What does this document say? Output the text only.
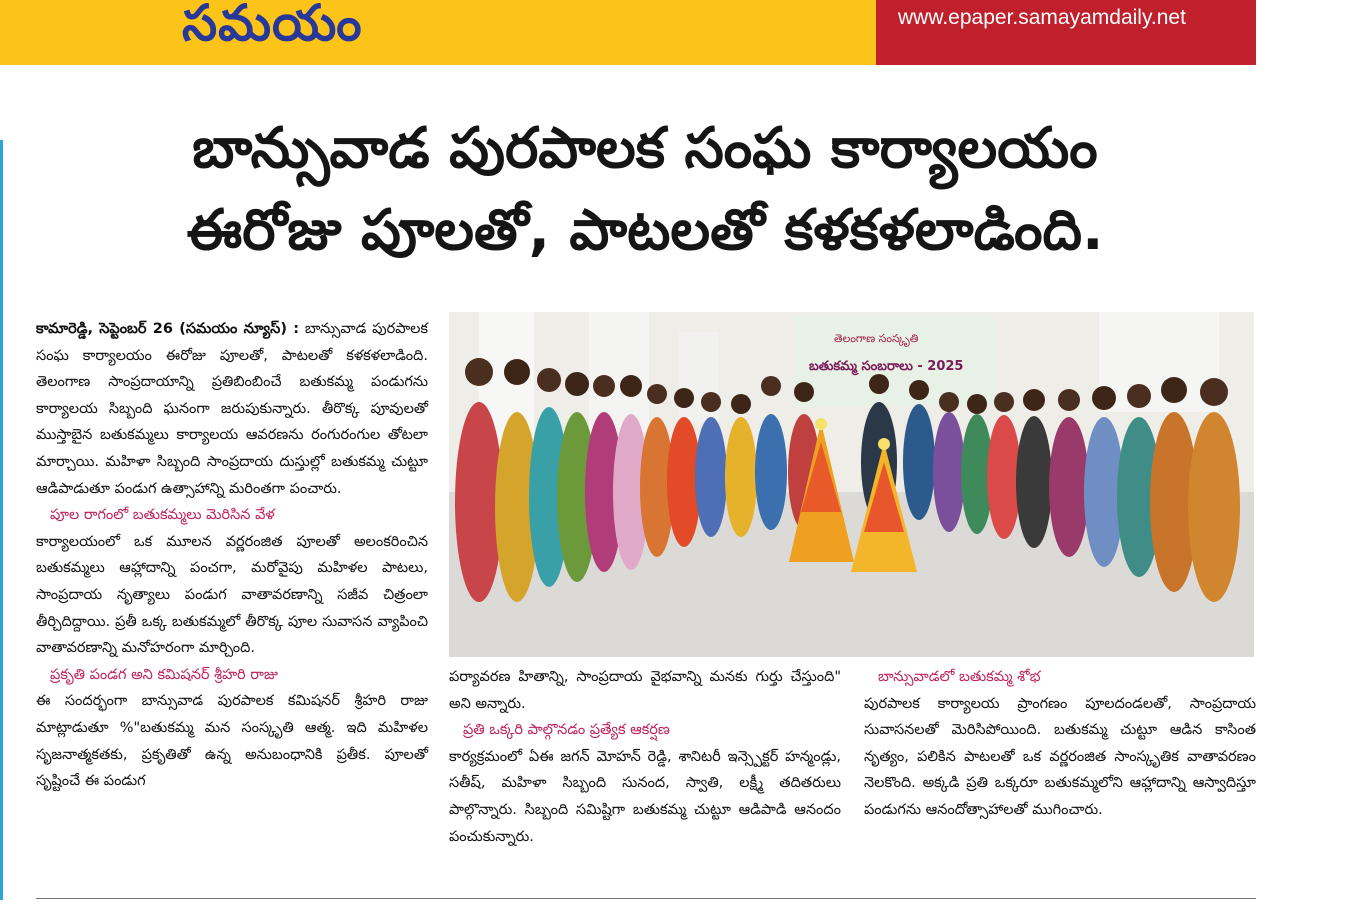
సమయం	www.epaper.samayamdaily.net
బాన్సువాడ పురపాలక సంఘ కార్యాలయం
ఈరోజు పూలతో, పాటలతో కళకళలాడింది.

కామారెడ్డి, సెప్టెంబర్ 26 (సమయం న్యూస్) : బాన్సువాడ పురపాలక సంఘ కార్యాలయం ఈరోజు పూలతో, పాటలతో కళకళలాడింది. తెలంగాణ సాంప్రదాయాన్ని ప్రతిబింబించే బతుకమ్మ పండుగను కార్యాలయ సిబ్బంది ఘనంగా జరుపుకున్నారు. తీరొక్క పూవులతో ముస్తాబైన బతుకమ్మలు కార్యాలయ ఆవరణను రంగురంగుల తోటలా మార్చాయి. మహిళా సిబ్బంది సాంప్రదాయ దుస్తుల్లో బతుకమ్మ చుట్టూ ఆడిపాడుతూ పండుగ ఉత్సాహాన్ని మరింతగా పంచారు.

పూల రాగంలో బతుకమ్మలు మెరిసిన వేళ

కార్యాలయంలో ఒక మూలన వర్ణరంజిత పూలతో అలంకరించిన బతుకమ్మలు ఆహ్లాదాన్ని పంచగా, మరోవైపు మహిళల పాటలు, సాంప్రదాయ నృత్యాలు పండుగ వాతావరణాన్ని సజీవ చిత్రంలా తీర్చిదిద్దాయి. ప్రతీ ఒక్క బతుకమ్మలో తీరొక్క పూల సువాసన వ్యాపించి వాతావరణాన్ని మనోహరంగా మార్చింది.

ప్రకృతి పండగ అని కమిషనర్ శ్రీహరి రాజు

ఈ సందర్భంగా బాన్సువాడ పురపాలక కమిషనర్ శ్రీహరి రాజు మాట్లాడుతూ %"బతుకమ్మ మన సంస్కృతి ఆత్మ. ఇది మహిళల సృజనాత్మకతకు, ప్రకృతితో ఉన్న అనుబంధానికి ప్రతీక. పూలతో సృష్టించే ఈ పండుగ

తెలంగాణ సంస్కృతి
బతుకమ్మ సంబరాలు - 2025

పర్యావరణ హితాన్ని, సాంప్రదాయ వైభవాన్ని మనకు గుర్తు చేస్తుంది" అని అన్నారు.

ప్రతి ఒక్కరి పాల్గొనడం ప్రత్యేక ఆకర్షణ

కార్యక్రమంలో ఏఈ జగన్ మోహన్ రెడ్డి, శానిటరీ ఇన్స్పెక్టర్ హన్మండ్లు, సతీష్, మహిళా సిబ్బంది సునంద, స్వాతి, లక్ష్మీ తదితరులు పాల్గొన్నారు. సిబ్బంది సమిష్టిగా బతుకమ్మ చుట్టూ ఆడిపాడి ఆనందం పంచుకున్నారు.

బాన్సువాడలో బతుకమ్మ శోభ

పురపాలక కార్యాలయ ప్రాంగణం పూలదండలతో, సాంప్రదాయ సువాసనలతో మెరిసిపోయింది. బతుకమ్మ చుట్టూ ఆడిన కాసింత నృత్యం, పలికిన పాటలతో ఒక వర్ణరంజిత సాంస్కృతిక వాతావరణం నెలకొంది. అక్కడి ప్రతి ఒక్కరూ బతుకమ్మలోని ఆహ్లాదాన్ని ఆస్వాదిస్తూ పండుగను ఆనందోత్సాహాలతో ముగించారు.
